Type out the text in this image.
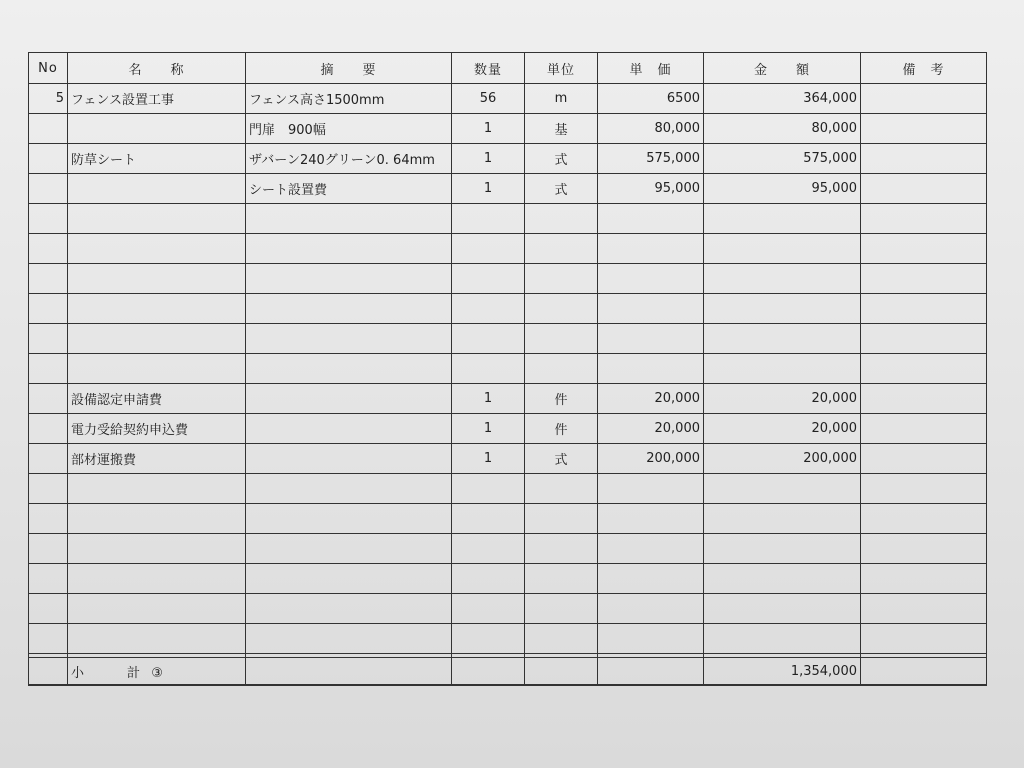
No	名　　称	摘　　要	数量	単位	単　価	金　　額	備　考
5	フェンス設置工事	フェンス高さ1500mm	56	m	6500	364,000	
		門扉　900幅	1	基	80,000	80,000	
	防草シート	ザバーン240グリーン0. 64mm	1	式	575,000	575,000	
		シート設置費	1	式	95,000	95,000	

	設備認定申請費		1	件	20,000	20,000	
	電力受給契約申込費		1	件	20,000	20,000	
	部材運搬費		1	式	200,000	200,000	

	小 計 ③					1,354,000	
